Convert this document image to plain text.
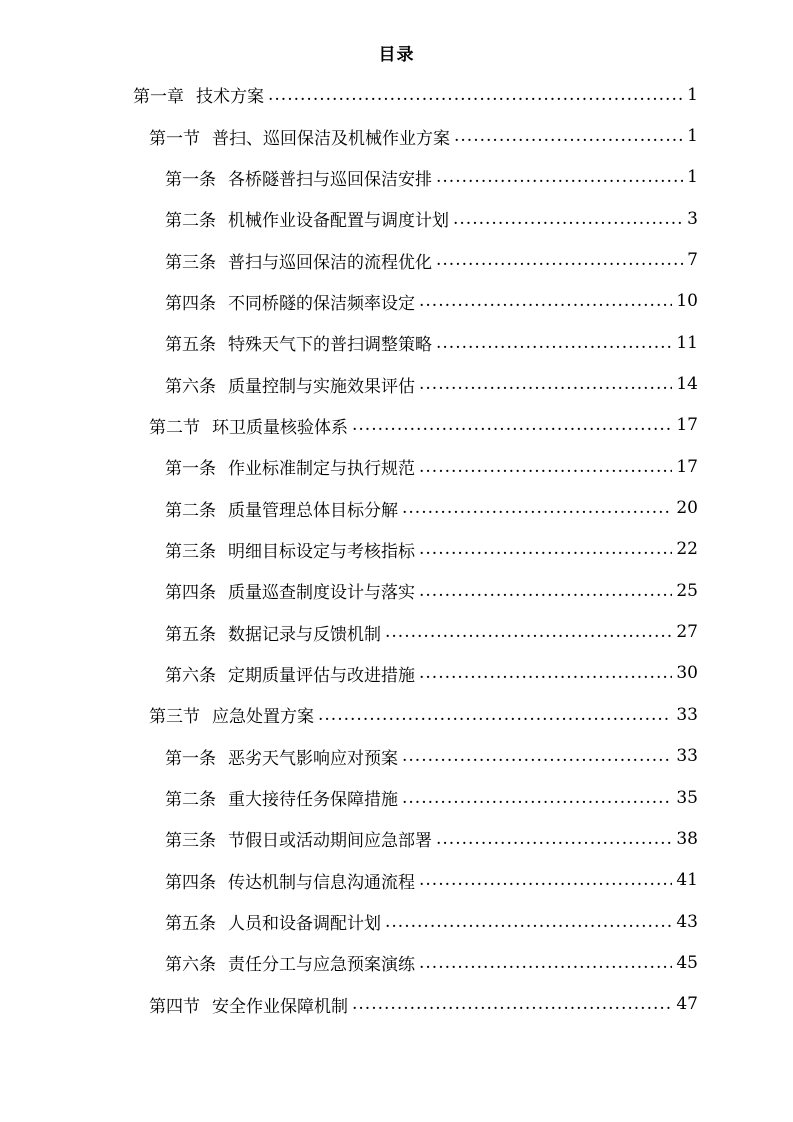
目录
第一章 技术方案 .....	1
第一节 普扫、巡回保洁及机械作业方案 .....	1
第一条 各桥隧普扫与巡回保洁安排 .....	1
第二条 机械作业设备配置与调度计划 .....	3
第三条 普扫与巡回保洁的流程优化 .....	7
第四条 不同桥隧的保洁频率设定 .....	10
第五条 特殊天气下的普扫调整策略 .....	11
第六条 质量控制与实施效果评估 .....	14
第二节 环卫质量核验体系 .....	17
第一条 作业标准制定与执行规范 .....	17
第二条 质量管理总体目标分解 .....	20
第三条 明细目标设定与考核指标 .....	22
第四条 质量巡查制度设计与落实 .....	25
第五条 数据记录与反馈机制 .....	27
第六条 定期质量评估与改进措施 .....	30
第三节 应急处置方案 .....	33
第一条 恶劣天气影响应对预案 .....	33
第二条 重大接待任务保障措施 .....	35
第三条 节假日或活动期间应急部署 .....	38
第四条 传达机制与信息沟通流程 .....	41
第五条 人员和设备调配计划 .....	43
第六条 责任分工与应急预案演练 .....	45
第四节 安全作业保障机制 .....	47
